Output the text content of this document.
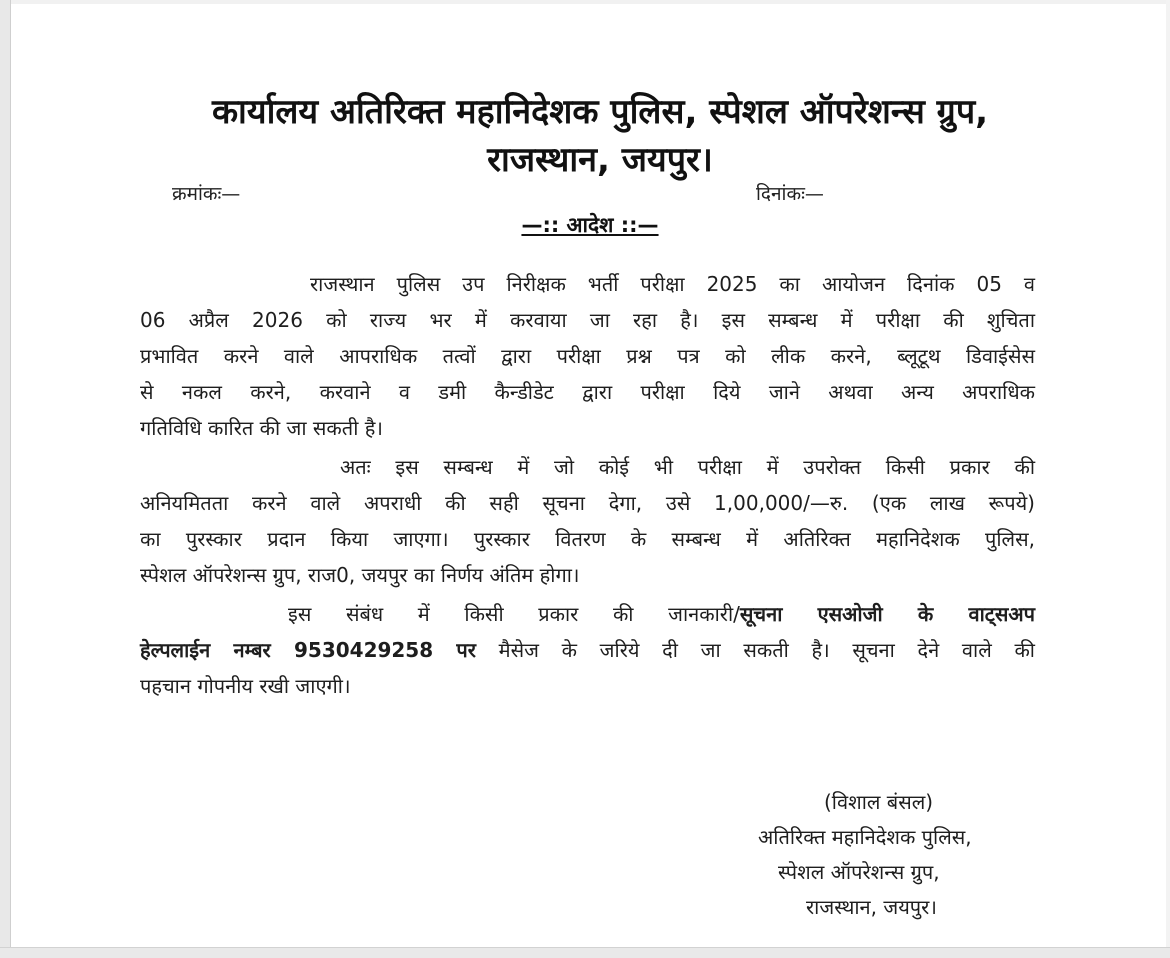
कार्यालय अतिरिक्त महानिदेशक पुलिस, स्पेशल ऑपरेशन्स ग्रुप,
राजस्थान, जयपुर।
क्रमांकः—	दिनांकः—
—:: आदेश ::—
राजस्थान पुलिस उप निरीक्षक भर्ती परीक्षा 2025 का आयोजन दिनांक 05 व
06 अप्रैल 2026 को राज्य भर में करवाया जा रहा है। इस सम्बन्ध में परीक्षा की शुचिता
प्रभावित करने वाले आपराधिक तत्वों द्वारा परीक्षा प्रश्न पत्र को लीक करने, ब्लूटूथ डिवाईसेस
से नकल करने, करवाने व डमी कैन्डीडेट द्वारा परीक्षा दिये जाने अथवा अन्य अपराधिक
गतिविधि कारित की जा सकती है।
अतः इस सम्बन्ध में जो कोई भी परीक्षा में उपरोक्त किसी प्रकार की
अनियमितता करने वाले अपराधी की सही सूचना देगा, उसे 1,00,000/—रु. (एक लाख रूपये)
का पुरस्कार प्रदान किया जाएगा। पुरस्कार वितरण के सम्बन्ध में अतिरिक्त महानिदेशक पुलिस,
स्पेशल ऑपरेशन्स ग्रुप, राज0, जयपुर का निर्णय अंतिम होगा।
इस संबंध में किसी प्रकार की जानकारी/सूचना एसओजी के वाट्सअप
हेल्पलाईन नम्बर 9530429258 पर मैसेज के जरिये दी जा सकती है। सूचना देने वाले की
पहचान गोपनीय रखी जाएगी।
(विशाल बंसल)
अतिरिक्त महानिदेशक पुलिस,
स्पेशल ऑपरेशन्स ग्रुप,
राजस्थान, जयपुर।
